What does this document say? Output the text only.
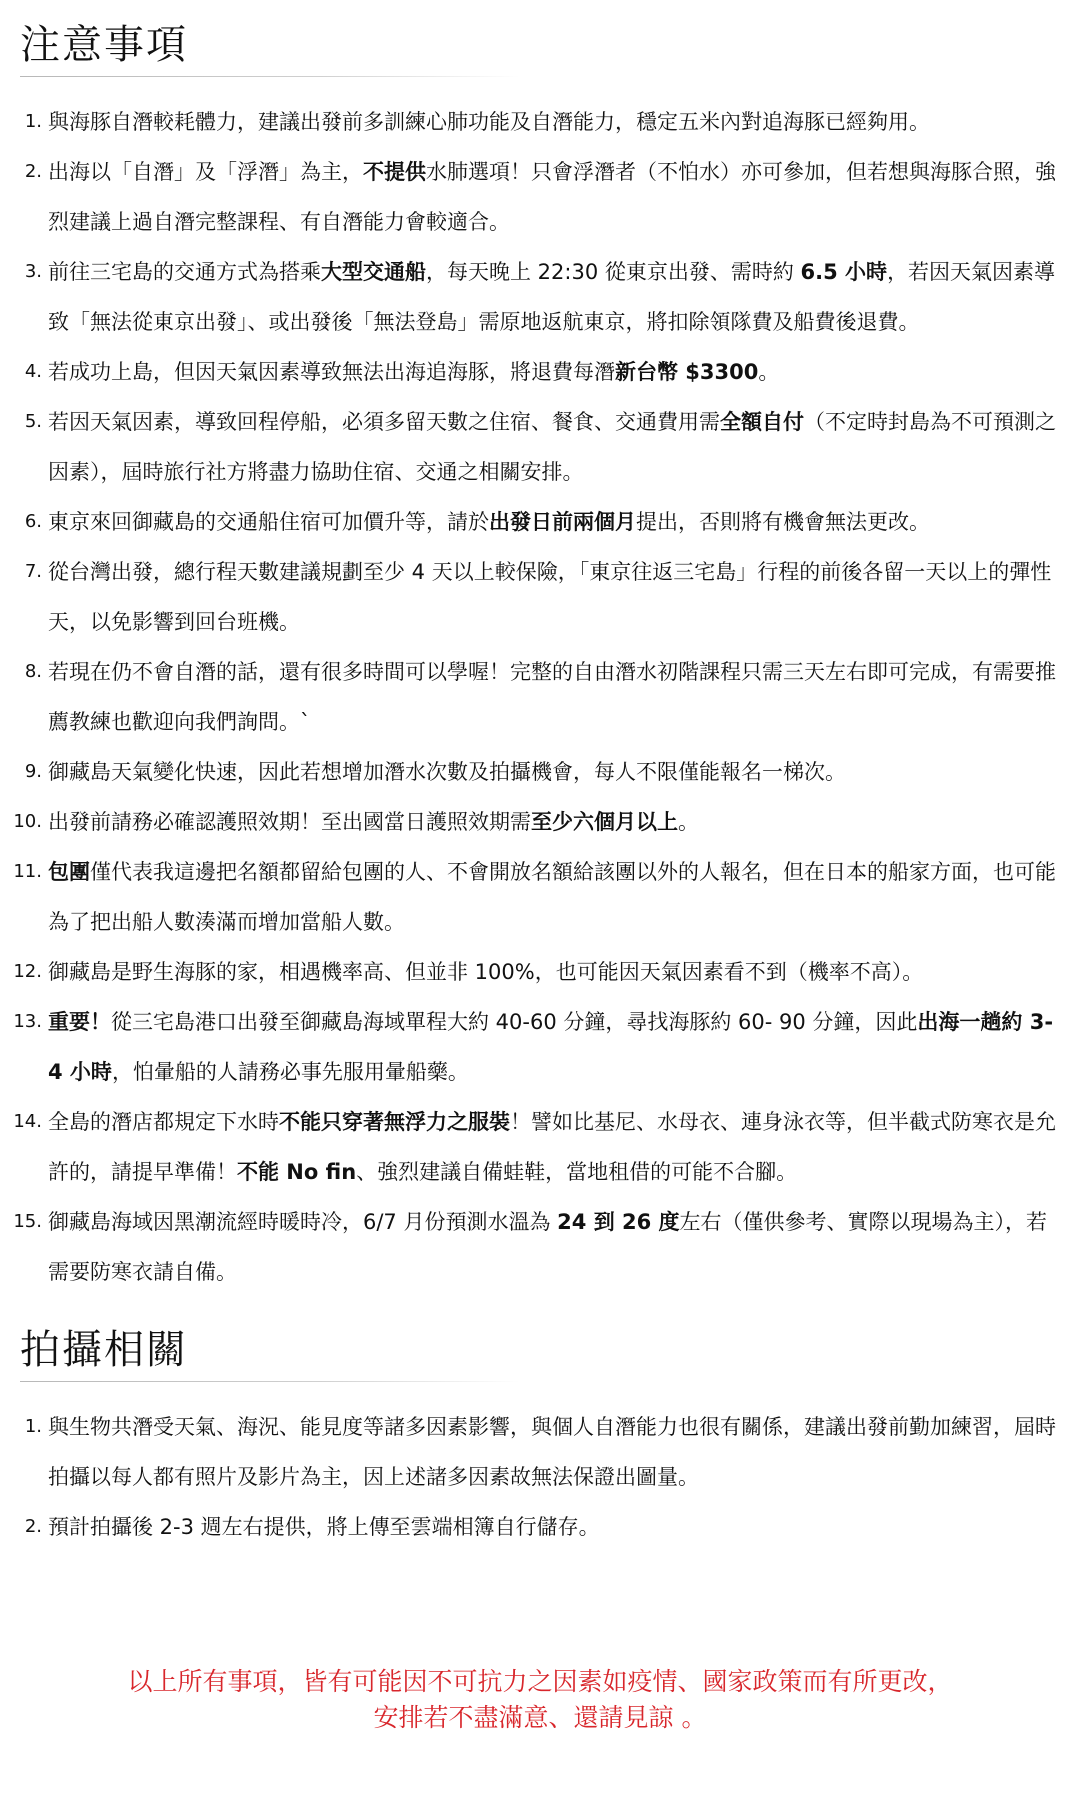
注意事項
1. 與海豚自潛較耗體力，建議出發前多訓練心肺功能及自潛能力，穩定五米內對追海豚已經夠用。
2. 出海以「自潛」及「浮潛」為主，不提供水肺選項！只會浮潛者（不怕水）亦可參加，但若想與海豚合照，強烈建議上過自潛完整課程、有自潛能力會較適合。
3. 前往三宅島的交通方式為搭乘大型交通船，每天晚上 22:30 從東京出發、需時約 6.5 小時，若因天氣因素導致「無法從東京出發」、或出發後「無法登島」需原地返航東京，將扣除領隊費及船費後退費。
4. 若成功上島，但因天氣因素導致無法出海追海豚，將退費每潛新台幣 $3300。
5. 若因天氣因素，導致回程停船，必須多留天數之住宿、餐食、交通費用需全額自付（不定時封島為不可預測之因素），屆時旅行社方將盡力協助住宿、交通之相關安排。
6. 東京來回御藏島的交通船住宿可加價升等，請於出發日前兩個月提出，否則將有機會無法更改。
7. 從台灣出發，總行程天數建議規劃至少 4 天以上較保險，「東京往返三宅島」行程的前後各留一天以上的彈性天，以免影響到回台班機。
8. 若現在仍不會自潛的話，還有很多時間可以學喔！完整的自由潛水初階課程只需三天左右即可完成，有需要推薦教練也歡迎向我們詢問。`
9. 御藏島天氣變化快速，因此若想增加潛水次數及拍攝機會，每人不限僅能報名一梯次。
10. 出發前請務必確認護照效期！至出國當日護照效期需至少六個月以上。
11. 包團僅代表我這邊把名額都留給包團的人、不會開放名額給該團以外的人報名，但在日本的船家方面，也可能為了把出船人數湊滿而增加當船人數。
12. 御藏島是野生海豚的家，相遇機率高、但並非 100%，也可能因天氣因素看不到（機率不高）。
13. 重要！從三宅島港口出發至御藏島海域單程大約 40-60 分鐘，尋找海豚約 60- 90 分鐘，因此出海一趟約 3-4 小時，怕暈船的人請務必事先服用暈船藥。
14. 全島的潛店都規定下水時不能只穿著無浮力之服裝！譬如比基尼、水母衣、連身泳衣等，但半截式防寒衣是允許的，請提早準備！不能 No fin、強烈建議自備蛙鞋，當地租借的可能不合腳。
15. 御藏島海域因黑潮流經時暖時冷，6/7 月份預測水溫為 24 到 26 度左右（僅供參考、實際以現場為主），若需要防寒衣請自備。
拍攝相關
1. 與生物共潛受天氣、海況、能見度等諸多因素影響，與個人自潛能力也很有關係，建議出發前勤加練習，屆時拍攝以每人都有照片及影片為主，因上述諸多因素故無法保證出圖量。
2. 預計拍攝後 2-3 週左右提供，將上傳至雲端相簿自行儲存。
以上所有事項，皆有可能因不可抗力之因素如疫情、國家政策而有所更改，
安排若不盡滿意、還請見諒 。
